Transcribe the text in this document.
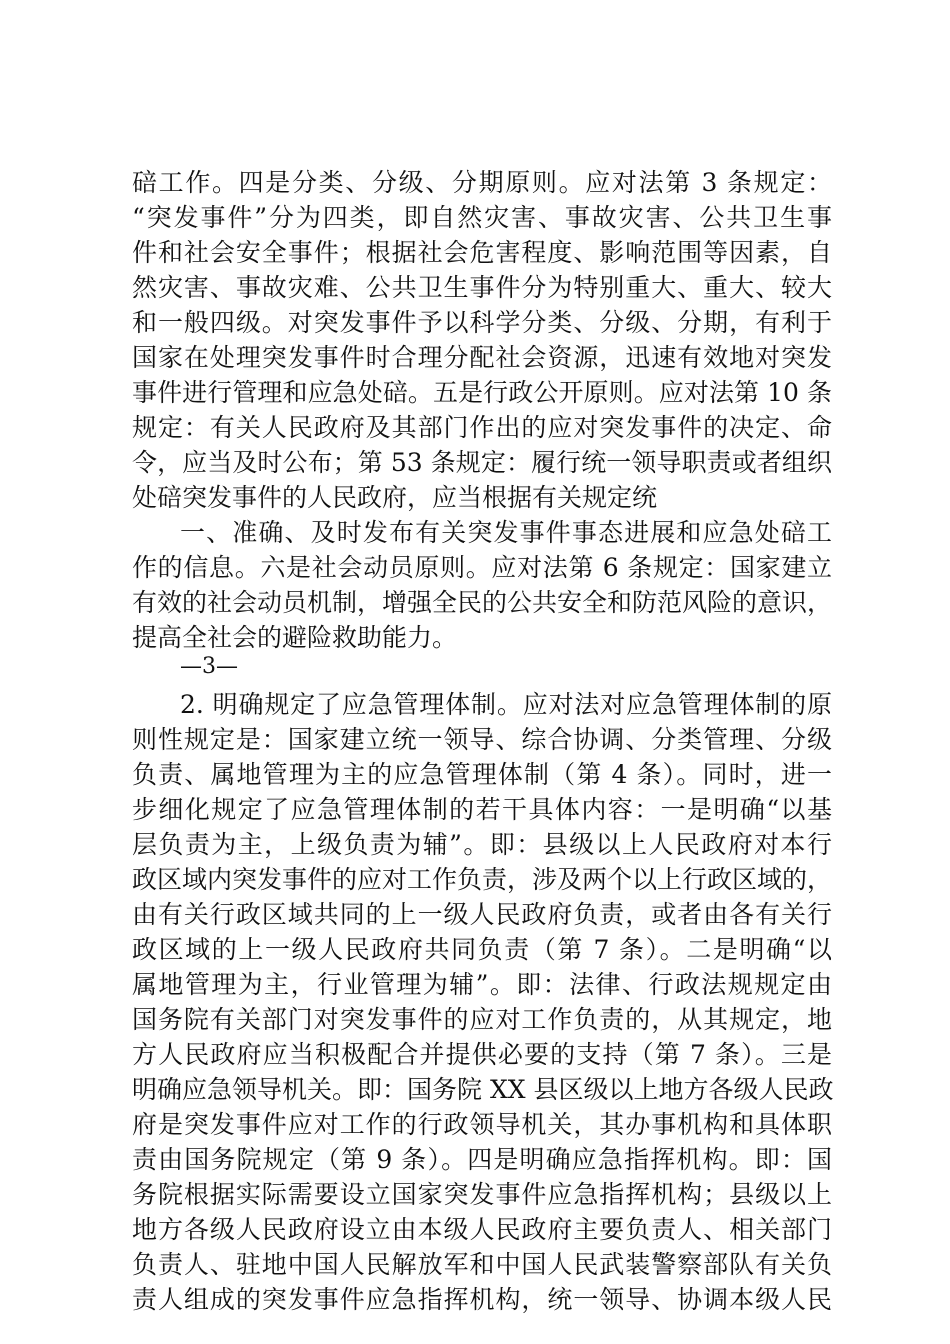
碚工作。四是分类、分级、分期原则。应对法第 3 条规定：
“突发事件”分为四类，即自然灾害、事故灾害、公共卫生事
件和社会安全事件；根据社会危害程度、影响范围等因素，自
然灾害、事故灾难、公共卫生事件分为特别重大、重大、较大
和一般四级。对突发事件予以科学分类、分级、分期，有利于
国家在处理突发事件时合理分配社会资源，迅速有效地对突发
事件进行管理和应急处碚。五是行政公开原则。应对法第 10 条
规定：有关人民政府及其部门作出的应对突发事件的决定、命
令，应当及时公布；第 53 条规定：履行统一领导职责或者组织
处碚突发事件的人民政府，应当根据有关规定统
一、准确、及时发布有关突发事件事态进展和应急处碚工
作的信息。六是社会动员原则。应对法第 6 条规定：国家建立
有效的社会动员机制，增强全民的公共安全和防范风险的意识，
提高全社会的避险救助能力。
—3—
2. 明确规定了应急管理体制。应对法对应急管理体制的原
则性规定是：国家建立统一领导、综合协调、分类管理、分级
负责、属地管理为主的应急管理体制（第 4 条）。同时，进一
步细化规定了应急管理体制的若干具体内容：一是明确“以基
层负责为主，上级负责为辅”。即：县级以上人民政府对本行
政区域内突发事件的应对工作负责，涉及两个以上行政区域的，
由有关行政区域共同的上一级人民政府负责，或者由各有关行
政区域的上一级人民政府共同负责（第 7 条）。二是明确“以
属地管理为主，行业管理为辅”。即：法律、行政法规规定由
国务院有关部门对突发事件的应对工作负责的，从其规定，地
方人民政府应当积极配合并提供必要的支持（第 7 条）。三是
明确应急领导机关。即：国务院 XX 县区级以上地方各级人民政
府是突发事件应对工作的行政领导机关，其办事机构和具体职
责由国务院规定（第 9 条）。四是明确应急指挥机构。即：国
务院根据实际需要设立国家突发事件应急指挥机构；县级以上
地方各级人民政府设立由本级人民政府主要负责人、相关部门
负责人、驻地中国人民解放军和中国人民武装警察部队有关负
责人组成的突发事件应急指挥机构，统一领导、协调本级人民
